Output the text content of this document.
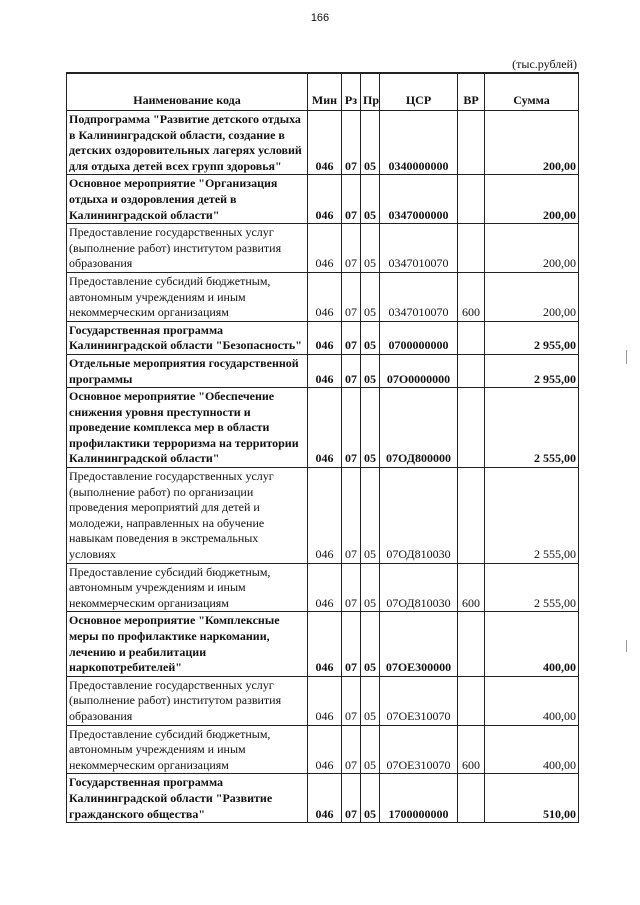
166
(тыс.рублей)
Наименование кода	Мин	Рз	Пр	ЦСР	ВР	Сумма
Подпрограмма "Развитие детского отдыха в Калининградской области, создание в детских оздоровительных лагерях условий для отдыха детей всех групп здоровья"	046	07	05	0340000000		200,00
Основное мероприятие "Организация отдыха и оздоровления детей в Калининградской области"	046	07	05	0347000000		200,00
Предоставление государственных услуг (выполнение работ) институтом развития образования	046	07	05	0347010070		200,00
Предоставление субсидий бюджетным, автономным учреждениям и иным некоммерческим организациям	046	07	05	0347010070	600	200,00
Государственная программа Калининградской области "Безопасность"	046	07	05	0700000000		2 955,00
Отдельные мероприятия государственной программы	046	07	05	07О0000000		2 955,00
Основное мероприятие "Обеспечение снижения уровня преступности и проведение комплекса мер в области профилактики терроризма на территории Калининградской области"	046	07	05	07ОД800000		2 555,00
Предоставление государственных услуг (выполнение работ) по организации проведения мероприятий для детей и молодежи, направленных на обучение навыкам поведения в экстремальных условиях	046	07	05	07ОД810030		2 555,00
Предоставление субсидий бюджетным, автономным учреждениям и иным некоммерческим организациям	046	07	05	07ОД810030	600	2 555,00
Основное мероприятие "Комплексные меры по профилактике наркомании, лечению и реабилитации наркопотребителей"	046	07	05	07ОЕ300000		400,00
Предоставление государственных услуг (выполнение работ) институтом развития образования	046	07	05	07ОЕ310070		400,00
Предоставление субсидий бюджетным, автономным учреждениям и иным некоммерческим организациям	046	07	05	07ОЕ310070	600	400,00
Государственная программа Калининградской области "Развитие гражданского общества"	046	07	05	1700000000		510,00
